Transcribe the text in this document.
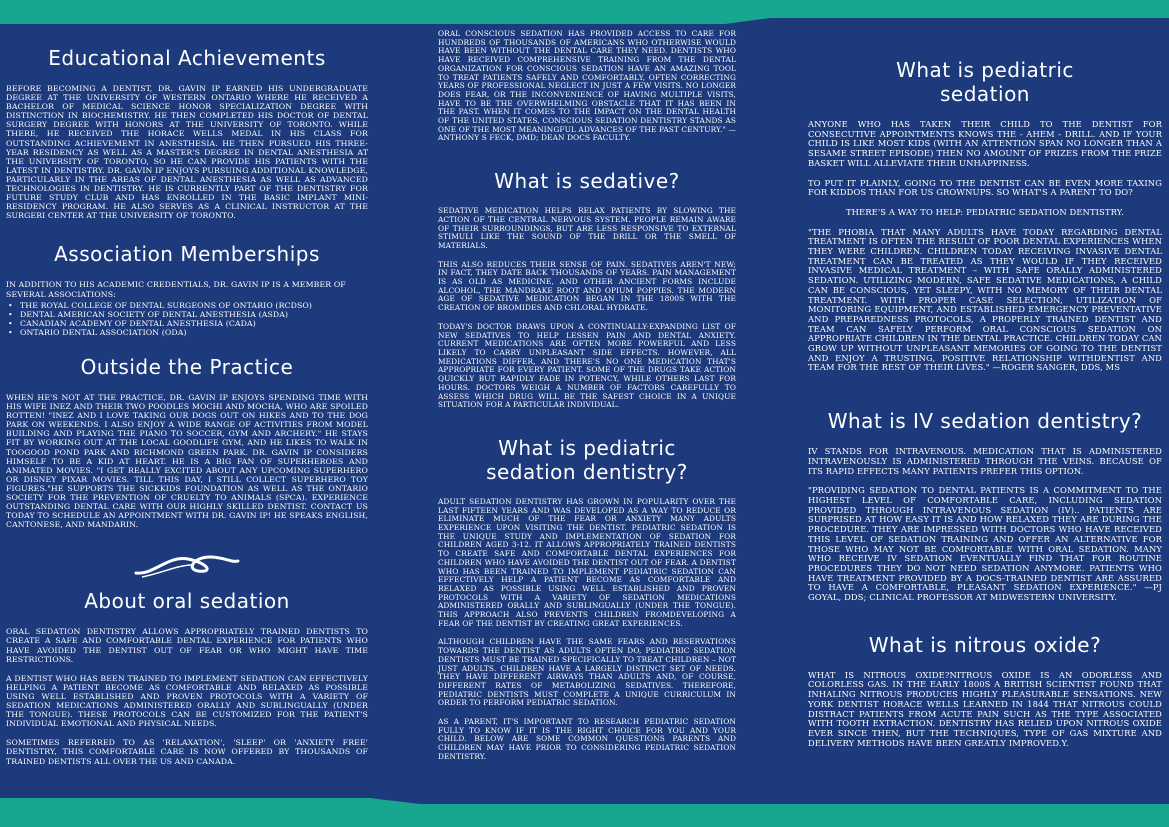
Educational Achievements

BEFORE BECOMING A DENTIST, DR. GAVIN IP EARNED HIS UNDERGRADUATE DEGREE AT THE UNIVERSITY OF WESTERN ONTARIO WHERE HE RECEIVED A BACHELOR OF MEDICAL SCIENCE HONOR SPECIALIZATION DEGREE WITH DISTINCTION IN BIOCHEMISTRY. HE THEN COMPLETED HIS DOCTOR OF DENTAL SURGERY DEGREE WITH HONORS AT THE UNIVERSITY OF TORONTO. WHILE THERE, HE RECEIVED THE HORACE WELLS MEDAL IN HIS CLASS FOR OUTSTANDING ACHIEVEMENT IN ANESTHESIA. HE THEN PURSUED HIS THREE-YEAR RESIDENCY AS WELL AS A MASTER'S DEGREE IN DENTAL ANESTHESIA AT THE UNIVERSITY OF TORONTO, SO HE CAN PROVIDE HIS PATIENTS WITH THE LATEST IN DENTISTRY. DR. GAVIN IP ENJOYS PURSUING ADDITIONAL KNOWLEDGE, PARTICULARLY IN THE AREAS OF DENTAL ANESTHESIA AS WELL AS ADVANCED TECHNOLOGIES IN DENTISTRY. HE IS CURRENTLY PART OF THE DENTISTRY FOR FUTURE STUDY CLUB AND HAS ENROLLED IN THE BASIC IMPLANT MINI- RESIDENCY PROGRAM. HE ALSO SERVES AS A CLINICAL INSTRUCTOR AT THE SURGERI CENTER AT THE UNIVERSITY OF TORONTO.

Association Memberships

IN ADDITION TO HIS ACADEMIC CREDENTIALS, DR. GAVIN IP IS A MEMBER OF SEVERAL ASSOCIATIONS:

• THE ROYAL COLLEGE OF DENTAL SURGEONS OF ONTARIO (RCDSO)
• DENTAL AMERICAN SOCIETY OF DENTAL ANESTHESIA (ASDA)
• CANADIAN ACADEMY OF DENTAL ANESTHESIA (CADA)
• ONTARIO DENTAL ASSOCIATION (ODA)
Outside the Practice

WHEN HE'S NOT AT THE PRACTICE, DR. GAVIN IP ENJOYS SPENDING TIME WITH HIS WIFE INEZ AND THEIR TWO POODLES MOCHI AND MOCHA, WHO ARE SPOILED ROTTEN! "INEZ AND I LOVE TAKING OUR DOGS OUT ON HIKES AND TO THE DOG PARK ON WEEKENDS. I ALSO ENJOY A WIDE RANGE OF ACTIVITIES FROM MODEL BUILDING AND PLAYING THE PIANO TO SOCCER, GYM AND ARCHERY." HE STAYS FIT BY WORKING OUT AT THE LOCAL GOODLIFE GYM, AND HE LIKES TO WALK IN TOOGOOD POND PARK AND RICHMOND GREEN PARK. DR. GAVIN IP CONSIDERS HIMSELF TO BE A KID AT HEART. HE IS A BIG FAN OF SUPERHEROES AND ANIMATED MOVIES. "I GET REALLY EXCITED ABOUT ANY UPCOMING SUPERHERO OR DISNEY PIXAR MOVIES. TILL THIS DAY, I STILL COLLECT SUPERHERO TOY FIGURES."HE SUPPORTS THE SICKKIDS FOUNDATION AS WELL AS THE ONTARIO SOCIETY FOR THE PREVENTION OF CRUELTY TO ANIMALS (SPCA). EXPERIENCE OUTSTANDING DENTAL CARE WITH OUR HIGHLY SKILLED DENTIST. CONTACT US TODAY TO SCHEDULE AN APPOINTMENT WITH DR. GAVIN IP! HE SPEAKS ENGLISH, CANTONESE, AND MANDARIN.

About oral sedation

ORAL SEDATION DENTISTRY ALLOWS APPROPRIATELY TRAINED DENTISTS TO CREATE A SAFE AND COMFORTABLE DENTAL EXPERIENCE FOR PATIENTS WHO HAVE AVOIDED THE DENTIST OUT OF FEAR OR WHO MIGHT HAVE TIME RESTRICTIONS.

A DENTIST WHO HAS BEEN TRAINED TO IMPLEMENT SEDATION CAN EFFECTIVELY HELPING A PATIENT BECOME AS COMFORTABLE AND RELAXED AS POSSIBLE USING WELL ESTABLISHED AND PROVEN PROTOCOLS WITH A VARIETY OF SEDATION MEDICATIONS ADMINISTERED ORALLY AND SUBLINGUALLY (UNDER THE TONGUE). THESE PROTOCOLS CAN BE CUSTOMIZED FOR THE PATIENT'S INDIVIDUAL EMOTIONAL AND PHYSICAL NEEDS.

SOMETIMES REFERRED TO AS 'RELAXATION', 'SLEEP' OR 'ANXIETY FREE' DENTISTRY, THIS COMFORTABLE CARE IS NOW OFFERED BY THOUSANDS OF TRAINED DENTISTS ALL OVER THE US AND CANADA.

ORAL CONSCIOUS SEDATION HAS PROVIDED ACCESS TO CARE FOR HUNDREDS OF THOUSANDS OF AMERICANS WHO OTHERWISE WOULD HAVE BEEN WITHOUT THE DENTAL CARE THEY NEED. DENTISTS WHO HAVE RECEIVED COMPREHENSIVE TRAINING FROM THE DENTAL ORGANIZATION FOR CONSCIOUS SEDATION HAVE AN AMAZING TOOL TO TREAT PATIENTS SAFELY AND COMFORTABLY, OFTEN CORRECTING YEARS OF PROFESSIONAL NEGLECT IN JUST A FEW VISITS. NO LONGER DOES FEAR, OR THE INCONVENIENCE OF HAVING MULTIPLE VISITS, HAVE TO BE THE OVERWHELMING OBSTACLE THAT IT HAS BEEN IN THE PAST. WHEN IT COMES TO THE IMPACT ON THE DENTAL HEALTH OF THE UNITED STATES, CONSCIOUS SEDATION DENTISTRY STANDS AS ONE OF THE MOST MEANINGFUL ADVANCES OF THE PAST CENTURY." —ANTHONY S FECK, DMD; DEAN DOCS FACULTY.

What is sedative?

SEDATIVE MEDICATION HELPS RELAX PATIENTS BY SLOWING THE ACTION OF THE CENTRAL NERVOUS SYSTEM. PEOPLE REMAIN AWARE OF THEIR SURROUNDINGS, BUT ARE LESS RESPONSIVE TO EXTERNAL STIMULI LIKE THE SOUND OF THE DRILL OR THE SMELL OF MATERIALS.

THIS ALSO REDUCES THEIR SENSE OF PAIN. SEDATIVES AREN'T NEW; IN FACT, THEY DATE BACK THOUSANDS OF YEARS. PAIN MANAGEMENT IS AS OLD AS MEDICINE, AND OTHER ANCIENT FORMS INCLUDE ALCOHOL, THE MANDRAKE ROOT AND OPIUM POPPIES. THE MODERN AGE OF SEDATIVE MEDICATION BEGAN IN THE 1800S WITH THE CREATION OF BROMIDES AND CHLORAL HYDRATE.

TODAY'S DOCTOR DRAWS UPON A CONTINUALLY-EXPANDING LIST OF NEW SEDATIVES TO HELP LESSEN PAIN AND DENTAL ANXIETY. CURRENT MEDICATIONS ARE OFTEN MORE POWERFUL AND LESS LIKELY TO CARRY UNPLEASANT SIDE EFFECTS. HOWEVER, ALL MEDICATIONS DIFFER, AND THERE'S NO ONE MEDICATION THAT'S APPROPRIATE FOR EVERY PATIENT. SOME OF THE DRUGS TAKE ACTION QUICKLY BUT RAPIDLY FADE IN POTENCY, WHILE OTHERS LAST FOR HOURS. DOCTORS WEIGH A NUMBER OF FACTORS CAREFULLY TO ASSESS WHICH DRUG WILL BE THE SAFEST CHOICE IN A UNIQUE SITUATION FOR A PARTICULAR INDIVIDUAL.

What is pediatric sedation dentistry?

ADULT SEDATION DENTISTRY HAS GROWN IN POPULARITY OVER THE LAST FIFTEEN YEARS AND WAS DEVELOPED AS A WAY TO REDUCE OR ELIMINATE MUCH OF THE FEAR OR ANXIETY MANY ADULTS EXPERIENCE UPON VISITING THE DENTIST. PEDIATRIC SEDATION IS THE UNIQUE STUDY AND IMPLEMENTATION OF SEDATION FOR CHILDREN AGED 3-12. IT ALLOWS APPROPRIATELY TRAINED DENTISTS TO CREATE SAFE AND COMFORTABLE DENTAL EXPERIENCES FOR CHILDREN WHO HAVE AVOIDED THE DENTIST OUT OF FEAR. A DENTIST WHO HAS BEEN TRAINED TO IMPLEMENT PEDIATRIC SEDATION CAN EFFECTIVELY HELP A PATIENT BECOME AS COMFORTABLE AND RELAXED AS POSSIBLE USING WELL ESTABLISHED AND PROVEN PROTOCOLS WITH A VARIETY OF SEDATION MEDICATIONS ADMINISTERED ORALLY AND SUBLINGUALLY (UNDER THE TONGUE). THIS APPROACH ALSO PREVENTS CHILDREN FROMDEVELOPING A FEAR OF THE DENTIST BY CREATING GREAT EXPERIENCES.

ALTHOUGH CHILDREN HAVE THE SAME FEARS AND RESERVATIONS TOWARDS THE DENTIST AS ADULTS OFTEN DO, PEDIATRIC SEDATION DENTISTS MUST BE TRAINED SPECIFICALLY TO TREAT CHILDREN – NOT JUST ADULTS. CHILDREN HAVE A LARGELY DISTINCT SET OF NEEDS. THEY HAVE DIFFERENT AIRWAYS THAN ADULTS AND, OF COURSE, DIFFERENT RATES OF METABOLIZING SEDATIVES. THEREFORE, PEDIATRIC DENTISTS MUST COMPLETE A UNIQUE CURRICULUM IN ORDER TO PERFORM PEDIATRIC SEDATION.

AS A PARENT, IT'S IMPORTANT TO RESEARCH PEDIATRIC SEDATION FULLY TO KNOW IF IT IS THE RIGHT CHOICE FOR YOU AND YOUR CHILD. BELOW ARE SOME COMMON QUESTIONS PARENTS AND CHILDREN MAY HAVE PRIOR TO CONSIDERING PEDIATRIC SEDATION DENTISTRY.

What is pediatric sedation

ANYONE WHO HAS TAKEN THEIR CHILD TO THE DENTIST FOR CONSECUTIVE APPOINTMENTS KNOWS THE - AHEM - DRILL. AND IF YOUR CHILD IS LIKE MOST KIDS (WITH AN ATTENTION SPAN NO LONGER THAN A SESAME STREET EPISODE) THEN NO AMOUNT OF PRIZES FROM THE PRIZE BASKET WILL ALLEVIATE THEIR UNHAPPINESS.

TO PUT IT PLAINLY, GOING TO THE DENTIST CAN BE EVEN MORE TAXING FOR KIDDOS THAN FOR US GROWNUPS. SO WHAT'S A PARENT TO DO?

THERE'S A WAY TO HELP: PEDIATRIC SEDATION DENTISTRY.

"THE PHOBIA THAT MANY ADULTS HAVE TODAY REGARDING DENTAL TREATMENT IS OFTEN THE RESULT OF POOR DENTAL EXPERIENCES WHEN THEY WERE CHILDREN. CHILDREN TODAY RECEIVING INVASIVE DENTAL TREATMENT CAN BE TREATED AS THEY WOULD IF THEY RECEIVED INVASIVE MEDICAL TREATMENT – WITH SAFE ORALLY ADMINISTERED SEDATION. UTILIZING MODERN, SAFE SEDATIVE MEDICATIONS, A CHILD CAN BE CONSCIOUS, YET SLEEPY, WITH NO MEMORY OF THEIR DENTAL TREATMENT. WITH PROPER CASE SELECTION, UTILIZATION OF MONITORING EQUIPMENT, AND ESTABLISHED EMERGENCY PREVENTATIVE AND PREPAREDNESS PROTOCOLS, A PROPERLY TRAINED DENTIST AND TEAM CAN SAFELY PERFORM ORAL CONSCIOUS SEDATION ON APPROPRIATE CHILDREN IN THE DENTAL PRACTICE. CHILDREN TODAY CAN GROW UP WITHOUT UNPLEASANT MEMORIES OF GOING TO THE DENTIST AND ENJOY A TRUSTING, POSITIVE RELATIONSHIP WITHDENTIST AND TEAM FOR THE REST OF THEIR LIVES." —ROGER SANGER, DDS, MS

What is IV sedation dentistry?

IV STANDS FOR INTRAVENOUS. MEDICATION THAT IS ADMINISTERED INTRAVENOUSLY IS ADMINISTERED THROUGH THE VEINS. BECAUSE OF ITS RAPID EFFECTS MANY PATIENTS PREFER THIS OPTION.

"PROVIDING SEDATION TO DENTAL PATIENTS IS A COMMITMENT TO THE HIGHEST LEVEL OF COMFORTABLE CARE, INCLUDING SEDATION PROVIDED THROUGH INTRAVENOUS SEDATION (IV).. PATIENTS ARE SURPRISED AT HOW EASY IT IS AND HOW RELAXED THEY ARE DURING THE PROCEDURE. THEY ARE IMPRESSED WITH DOCTORS WHO HAVE RECEIVED THIS LEVEL OF SEDATION TRAINING AND OFFER AN ALTERNATIVE FOR THOSE WHO MAY NOT BE COMFORTABLE WITH ORAL SEDATION. MANY WHO RECEIVE IV SEDATION EVENTUALLY FIND THAT FOR ROUTINE PROCEDURES THEY DO NOT NEED SEDATION ANYMORE. PATIENTS WHO HAVE TREATMENT PROVIDED BY A DOCS-TRAINED DENTIST ARE ASSURED TO HAVE A COMFORTABLE, PLEASANT SEDATION EXPERIENCE." —PJ GOYAL, DDS; CLINICAL PROFESSOR AT MIDWESTERN UNIVERSITY.

What is nitrous oxide?

WHAT IS NITROUS OXIDE?NITROUS OXIDE IS AN ODORLESS AND COLORLESS GAS. IN THE EARLY 1800S A BRITISH SCIENTIST FOUND THAT INHALING NITROUS PRODUCES HIGHLY PLEASURABLE SENSATIONS. NEW YORK DENTIST HORACE WELLS LEARNED IN 1844 THAT NITROUS COULD DISTRACT PATIENTS FROM ACUTE PAIN SUCH AS THE TYPE ASSOCIATED WITH TOOTH EXTRACTION. DENTISTRY HAS RELIED UPON NITROUS OXIDE EVER SINCE THEN, BUT THE TECHNIQUES, TYPE OF GAS MIXTURE AND DELIVERY METHODS HAVE BEEN GREATLY IMPROVED.Y.
